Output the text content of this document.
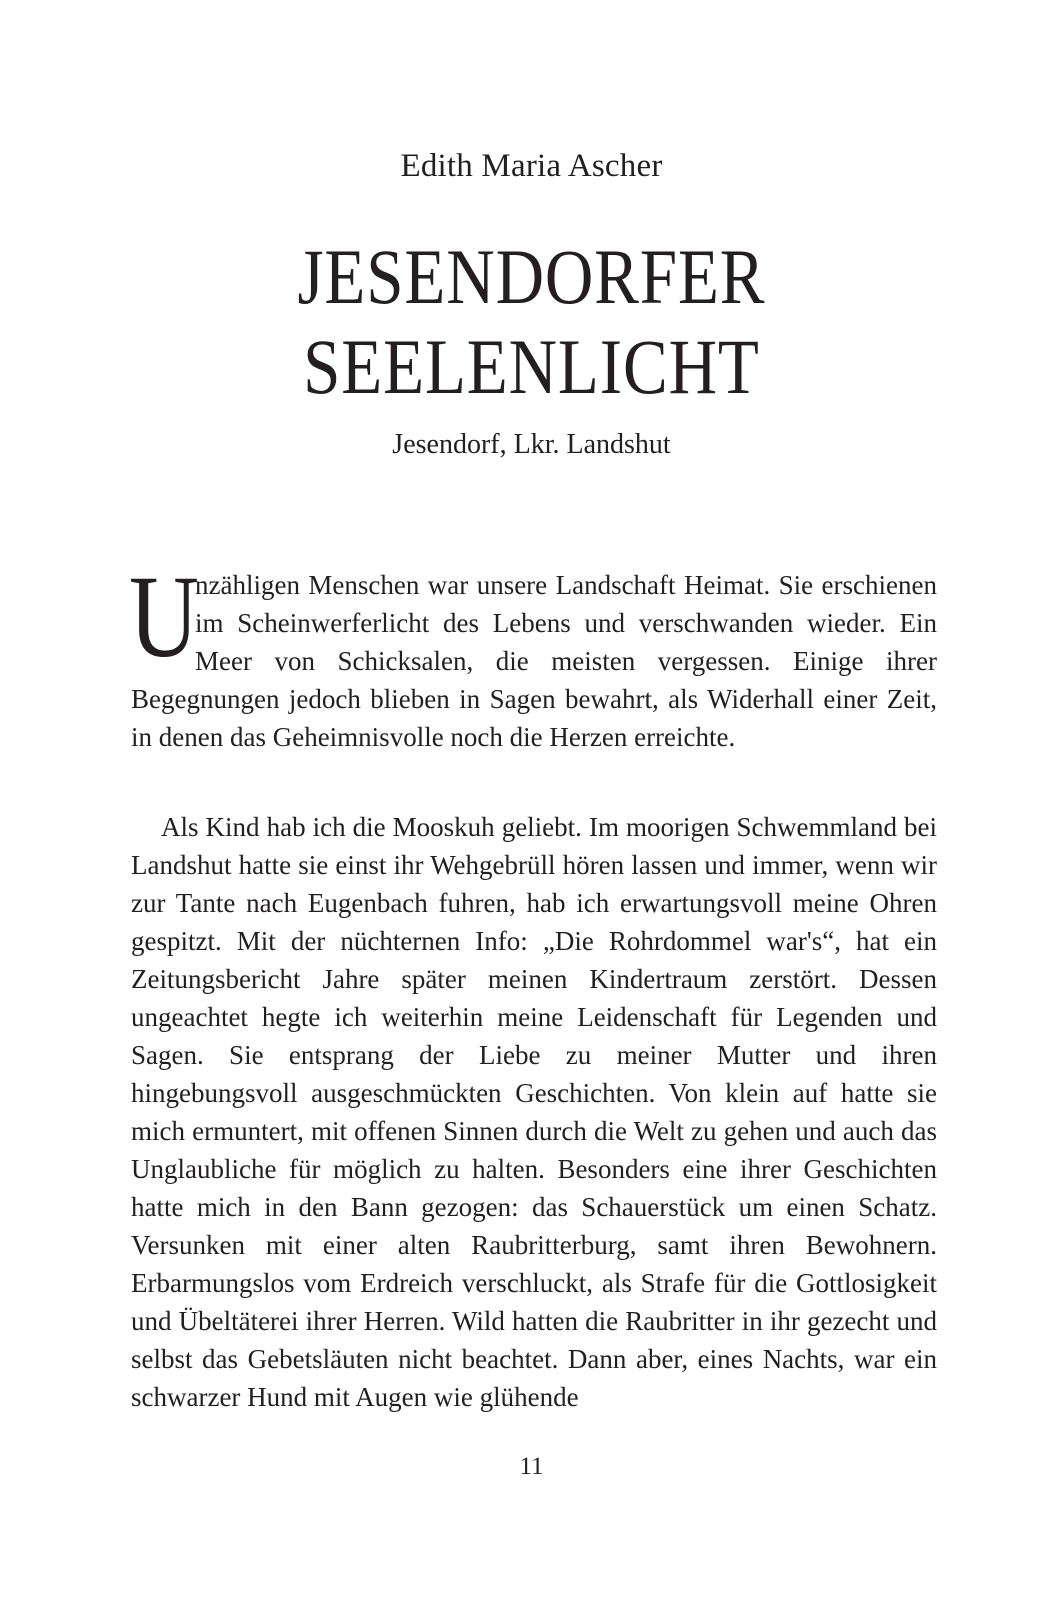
Edith Maria Ascher
JESENDORFER
SEELENLICHT
Jesendorf, Lkr. Landshut

U
nzähligen Menschen war unsere Landschaft Heimat. Sie erschienen im Scheinwerferlicht des Lebens und verschwanden wieder. Ein Meer von Schicksalen, die meisten vergessen. Einige ihrer Begegnungen jedoch blieben in Sagen bewahrt, als Widerhall einer Zeit, in denen das Geheimnisvolle noch die Herzen erreichte.

Als Kind hab ich die Mooskuh geliebt. Im moorigen Schwemmland bei Landshut hatte sie einst ihr Wehgebrüll hören lassen und immer, wenn wir zur Tante nach Eugenbach fuhren, hab ich erwartungsvoll meine Ohren gespitzt. Mit der nüchternen Info: „Die Rohrdommel war's“, hat ein Zeitungsbericht Jahre später meinen Kindertraum zerstört. Dessen ungeachtet hegte ich weiterhin meine Leidenschaft für Legenden und Sagen. Sie entsprang der Liebe zu meiner Mutter und ihren hingebungsvoll ausgeschmückten Geschichten. Von klein auf hatte sie mich ermuntert, mit offenen Sinnen durch die Welt zu gehen und auch das Unglaubliche für möglich zu halten. Besonders eine ihrer Geschichten hatte mich in den Bann gezogen: das Schauerstück um einen Schatz. Versunken mit einer alten Raubritterburg, samt ihren Bewohnern. Erbarmungslos vom Erdreich verschluckt, als Strafe für die Gottlosigkeit und Übeltäterei ihrer Herren. Wild hatten die Raubritter in ihr gezecht und selbst das Gebetsläuten nicht beachtet. Dann aber, eines Nachts, war ein schwarzer Hund mit Augen wie glühende

11
